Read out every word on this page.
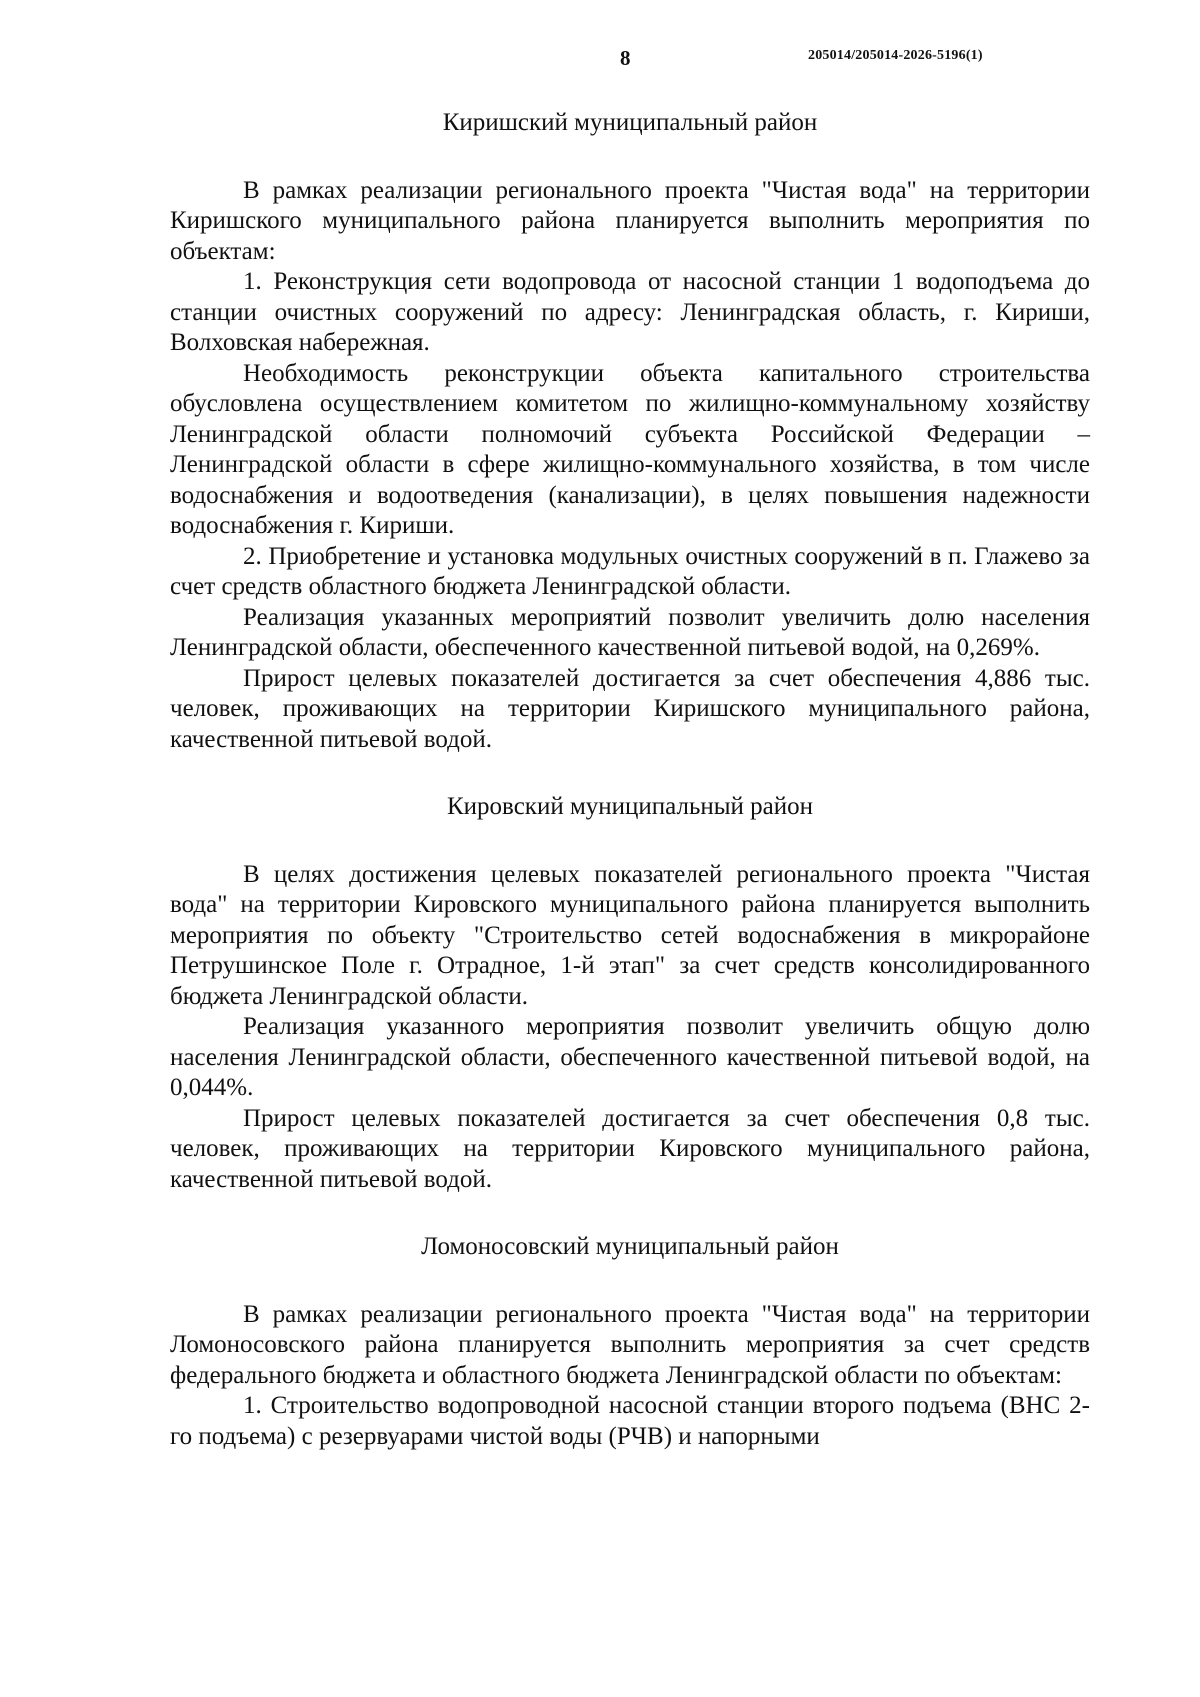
8	205014/205014-2026-5196(1)
Киришский муниципальный район

В рамках реализации регионального проекта "Чистая вода" на территории Киришского муниципального района планируется выполнить мероприятия по объектам:

1. Реконструкция сети водопровода от насосной станции 1 водоподъема до станции очистных сооружений по адресу: Ленинградская область, г. Кириши, Волховская набережная.

Необходимость реконструкции объекта капитального строительства обусловлена осуществлением комитетом по жилищно-коммунальному хозяйству Ленинградской области полномочий субъекта Российской Федерации – Ленинградской области в сфере жилищно-коммунального хозяйства, в том числе водоснабжения и водоотведения (канализации), в целях повышения надежности водоснабжения г. Кириши.

2. Приобретение и установка модульных очистных сооружений в п. Глажево за счет средств областного бюджета Ленинградской области.

Реализация указанных мероприятий позволит увеличить долю населения Ленинградской области, обеспеченного качественной питьевой водой, на 0,269%.

Прирост целевых показателей достигается за счет обеспечения 4,886 тыс. человек, проживающих на территории Киришского муниципального района, качественной питьевой водой.

Кировский муниципальный район

В целях достижения целевых показателей регионального проекта "Чистая вода" на территории Кировского муниципального района планируется выполнить мероприятия по объекту "Строительство сетей водоснабжения в микрорайоне Петрушинское Поле г. Отрадное, 1-й этап" за счет средств консолидированного бюджета Ленинградской области.

Реализация указанного мероприятия позволит увеличить общую долю населения Ленинградской области, обеспеченного качественной питьевой водой, на 0,044%.

Прирост целевых показателей достигается за счет обеспечения 0,8 тыс. человек, проживающих на территории Кировского муниципального района, качественной питьевой водой.

Ломоносовский муниципальный район

В рамках реализации регионального проекта "Чистая вода" на территории Ломоносовского района планируется выполнить мероприятия за счет средств федерального бюджета и областного бюджета Ленинградской области по объектам:

1. Строительство водопроводной насосной станции второго подъема (ВНС 2-го подъема) с резервуарами чистой воды (РЧВ) и напорными
